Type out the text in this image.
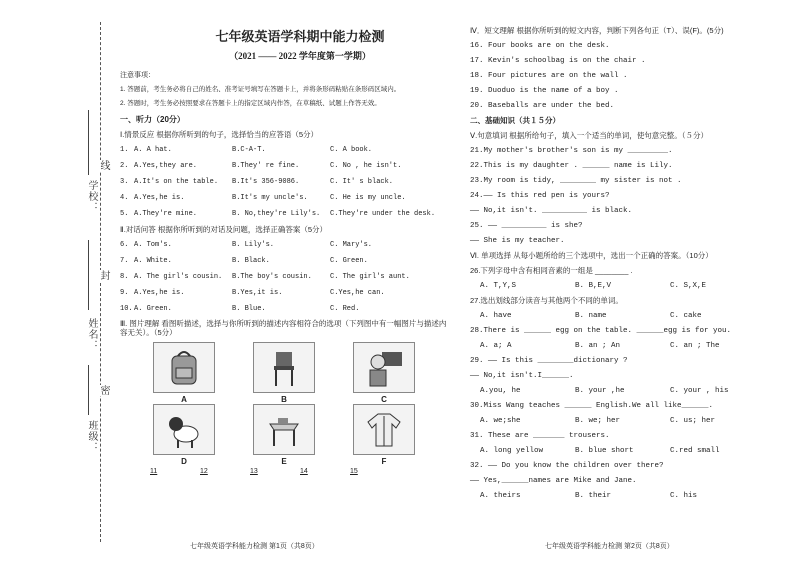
学校：
线
封
姓名：
密
班级：
七年级英语学科期中能力检测
（2021 —— 2022 学年度第一学期）
注意事项：
1. 答题前，考生务必将自己的姓名、准考证号填写在答题卡上，并将条形码粘贴在条形码区域内。
2. 答题时，考生务必按照要求在答题卡上的指定区域内作答，在草稿纸、试题上作答无效。
一、听力（20分）
Ⅰ.情景反应 根据你所听到的句子，选择恰当的应答语（5分）
1. A. A hat.	B.C-A-T.	C. A book.
2. A.Yes,they are.	B.They' re fine.	C. No , he isn't.
3. A.It's on the table.	B.It's 356-9086.	C. It' s black.
4. A.Yes,he is.	B.It's my uncle's.	C. He is my uncle.
5. A.They're mine.	B. No,they're Lily's.	C.They're under the desk.
Ⅱ.对话问答 根据你所听到的对话及问题，选择正确答案（5分）
6. A. Tom's.	B. Lily's.	C. Mary's.
7. A. White.	B. Black.	C. Green.
8. A. The girl's cousin.	B.The boy's cousin.	C. The girl's aunt.
9. A.Yes,he is.	B.Yes,it is.	C.Yes,he can.
10. A. Green.	B. Blue.	C. Red.
Ⅲ. 图片理解 看图听描述，选择与你所听到的描述内容相符合的选项（下列图中有一幅图片与描述内容无关）。（5分）
A	B	C
D	E	F
11	12	13	14	15
七年级英语学科能力检测 第1页（共8页）
Ⅳ．短文理解 根据你所听到的短文内容，判断下列各句正（T）、误(F)。(5分)
16. Four books are on the desk.
17. Kevin's schoolbag is on the chair .
18. Four pictures are on the wall .
19. Duoduo is the name of a boy .
20. Baseballs are under the bed.
二、基础知识（共１５分）
Ⅴ.句意填词 根据所给句子，填入一个适当的单词，使句意完整。（５分）
21.My mother's brother's son is my _________.
22.This is my daughter . ______ name is Lily.
23.My room is tidy, ________ my sister is not .
24.—— Is this red pen is yours?
—— No,it isn't. __________ is black.
25. —— __________ is she?
—— She is my teacher.
Ⅵ. 单项选择 从每小题所给的三个选项中，选出一个正确的答案。（10分）
26.下列字母中含有相同音素的一组是 ________ .
A. T,Y,S	B. B,E,V	C. S,X,E
27.选出划线部分读音与其他两个不同的单词。
A. have	B. name	C. cake
28.There is ______ egg on the table. ______egg is for you.
A. a; A	B. an ; An	C. an ; The
29. —— Is this ________dictionary ?
—— No,it isn't.I______.
A.you, he	B. your ,he	C. your , his
30.Miss Wang teaches ______ English.We all like______.
A. we;she	B. we; her	C. us; her
31. These are _______ trousers.
A. long yellow	B. blue short	C.red small
32. —— Do you know the children over there?
—— Yes,______names are Mike and Jane.
A. theirs	B. their	C. his
七年级英语学科能力检测 第2页（共8页）
